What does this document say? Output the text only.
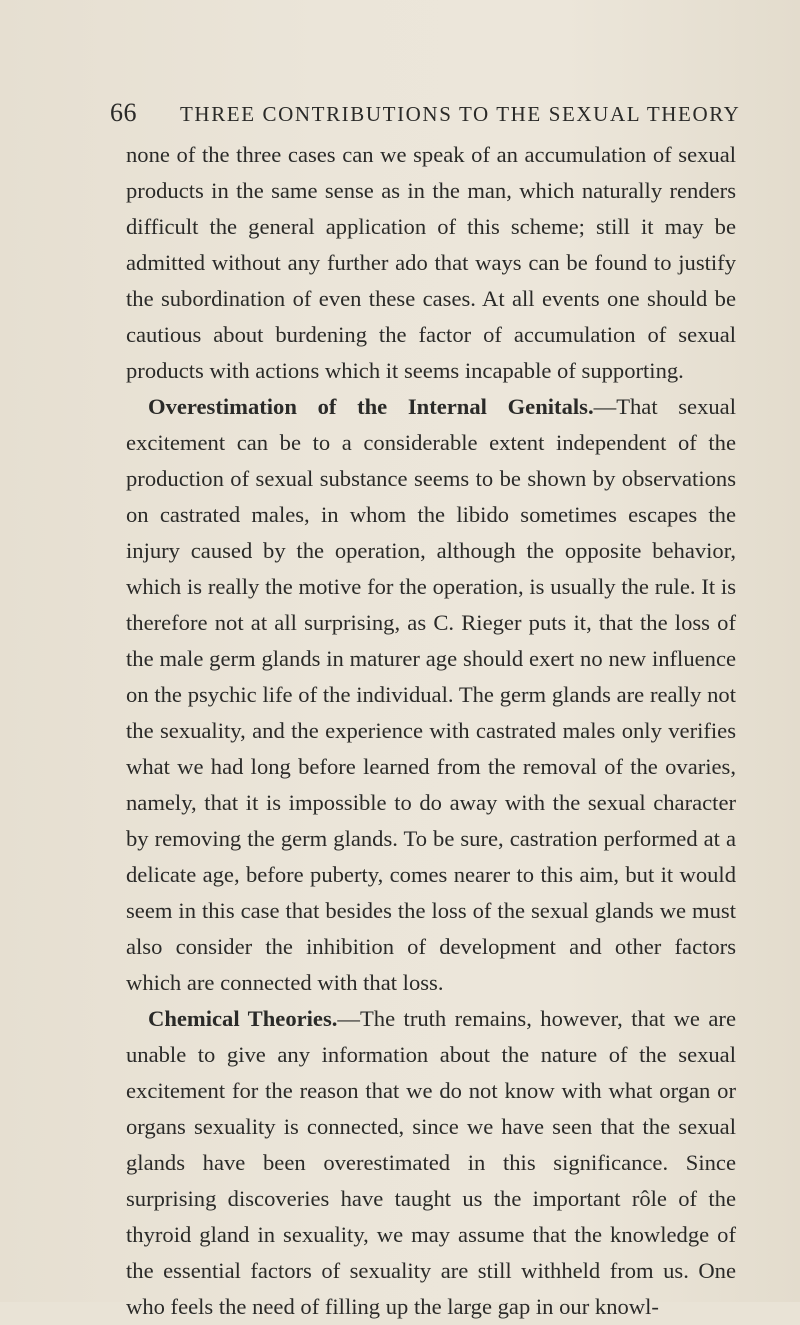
66	THREE CONTRIBUTIONS TO THE SEXUAL THEORY

none of the three cases can we speak of an accumulation of sexual products in the same sense as in the man, which naturally renders difficult the general application of this scheme; still it may be admitted without any further ado that ways can be found to justify the subordination of even these cases. At all events one should be cautious about burdening the factor of accumulation of sexual products with actions which it seems incapable of supporting.

Overestimation of the Internal Genitals.—That sexual excitement can be to a considerable extent independent of the production of sexual substance seems to be shown by observations on castrated males, in whom the libido sometimes escapes the injury caused by the operation, although the opposite behavior, which is really the motive for the operation, is usually the rule. It is therefore not at all surprising, as C. Rieger puts it, that the loss of the male germ glands in maturer age should exert no new influence on the psychic life of the individual. The germ glands are really not the sexuality, and the experience with castrated males only verifies what we had long before learned from the removal of the ovaries, namely, that it is impossible to do away with the sexual character by removing the germ glands. To be sure, castration performed at a delicate age, before puberty, comes nearer to this aim, but it would seem in this case that besides the loss of the sexual glands we must also consider the inhibition of development and other factors which are connected with that loss.

Chemical Theories.—The truth remains, however, that we are unable to give any information about the nature of the sexual excitement for the reason that we do not know with what organ or organs sexuality is connected, since we have seen that the sexual glands have been overestimated in this significance. Since surprising discoveries have taught us the important rôle of the thyroid gland in sexuality, we may assume that the knowledge of the essential factors of sexuality are still withheld from us. One who feels the need of filling up the large gap in our knowl-
